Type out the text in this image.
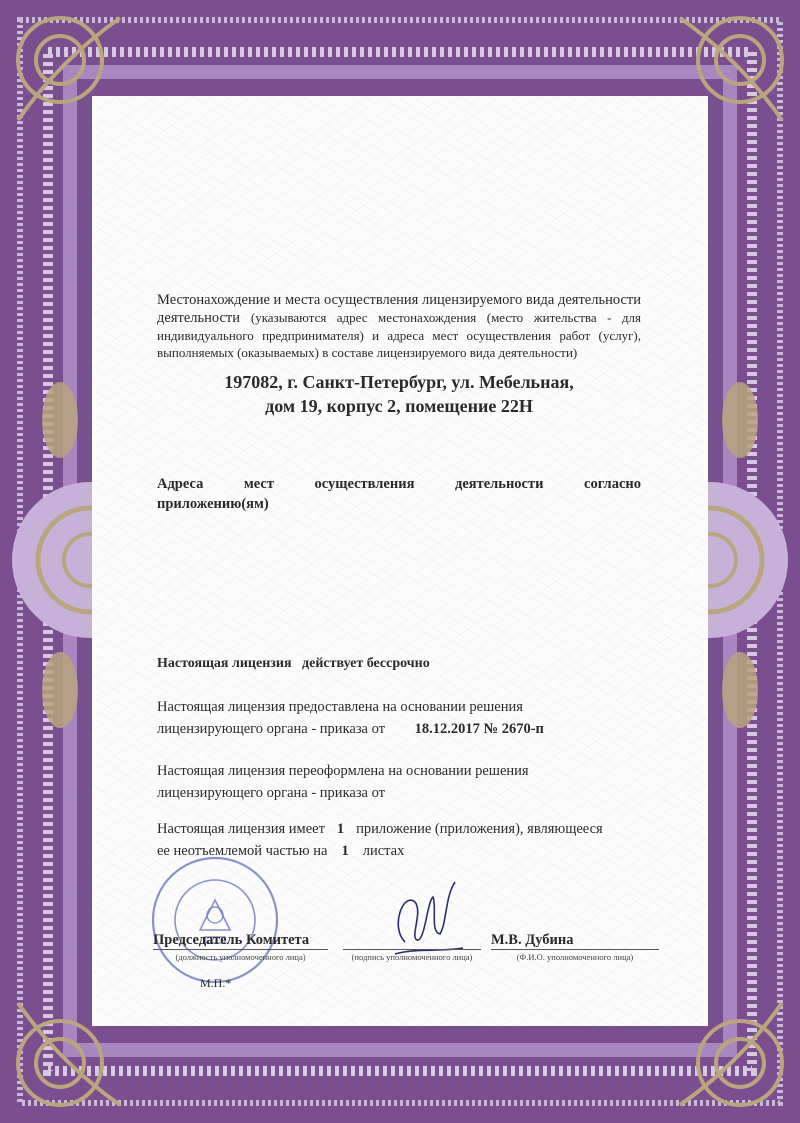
Местонахождение и места осуществления лицензируемого вида деятельности
деятельности (указываются адрес местонахождения (место жительства - для
индивидуального предпринимателя) и адреса мест осуществления работ (услуг),
выполняемых (оказываемых) в составе лицензируемого вида деятельности)
197082, г. Санкт-Петербург, ул. Мебельная,
дом 19, корпус 2, помещение 22Н
Адреса мест осуществления деятельности согласно
приложению(ям)
Настоящая лицензия действует бессрочно
Настоящая лицензия предоставлена на основании решения
лицензирующего органа - приказа от 18.12.2017 № 2670-п
Настоящая лицензия переоформлена на основании решения
лицензирующего органа - приказа от
Настоящая лицензия имеет 1 приложение (приложения), являющееся
ее неотъемлемой частью на 1 листах
Председатель Комитета	М.В. Дубина
(должность уполномоченного лица)	(подпись уполномоченного лица)	(Ф.И.О. уполномоченного лица)
М.П.*
